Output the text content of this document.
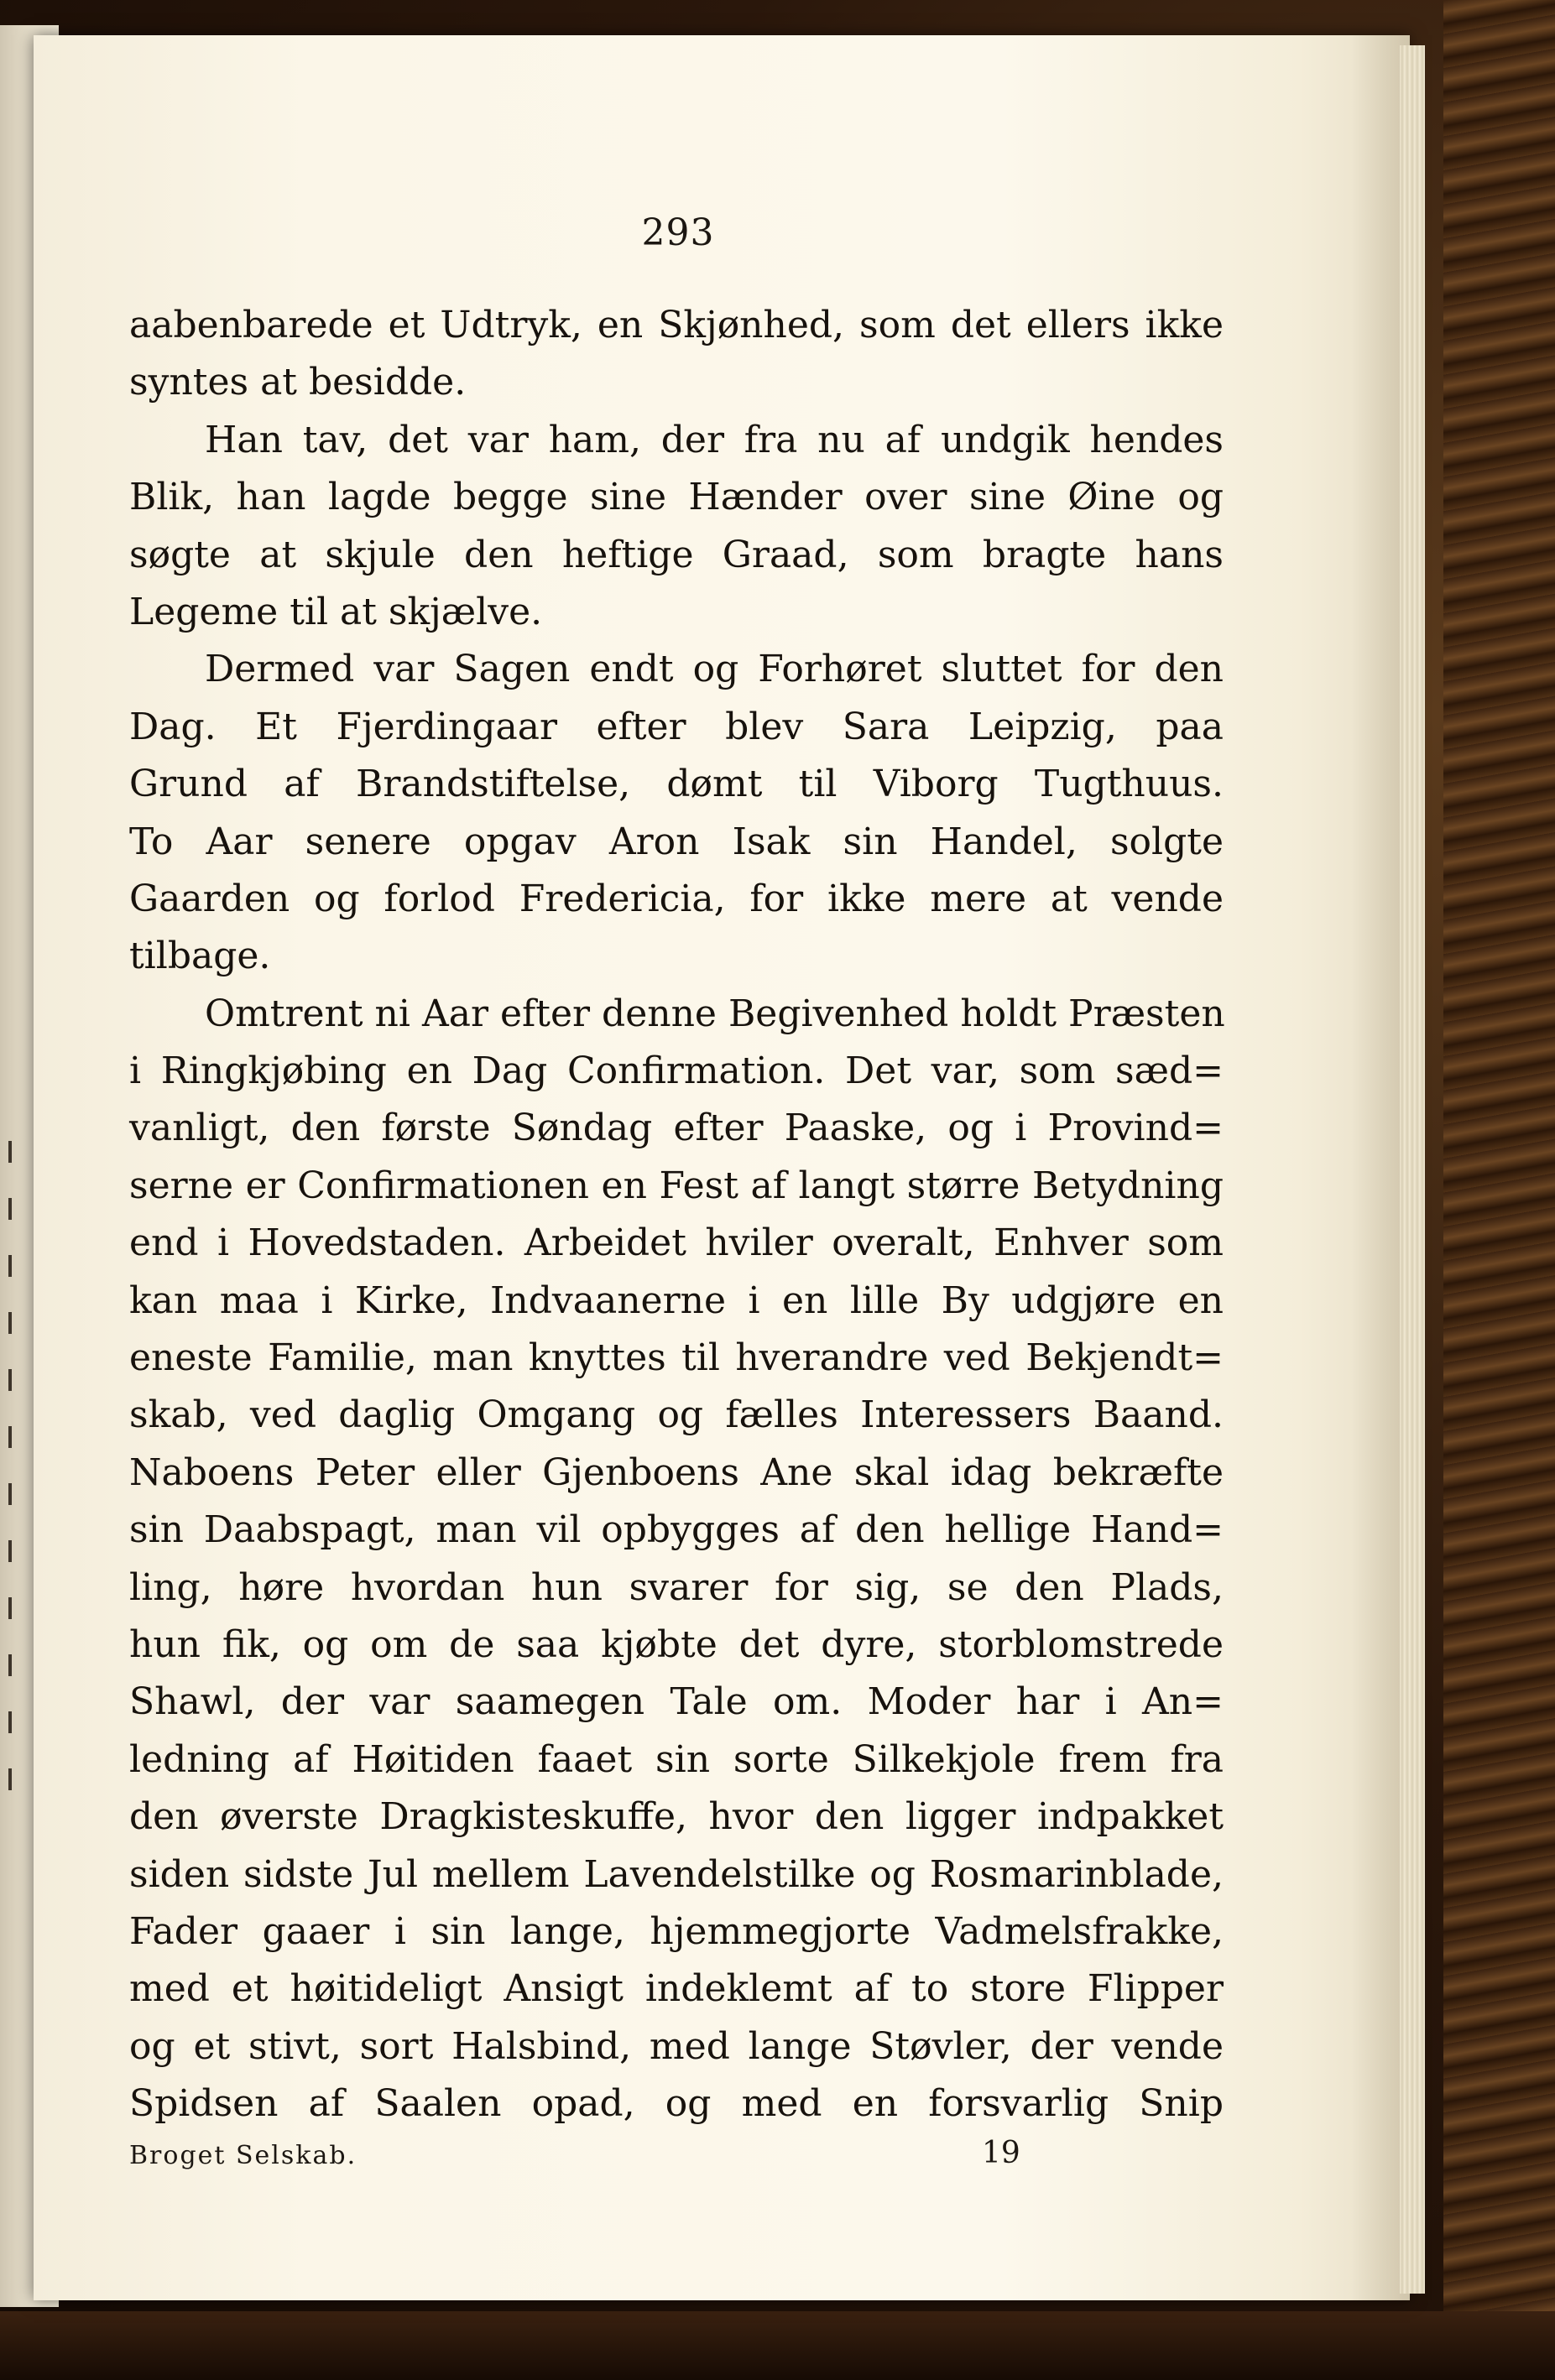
293
aabenbarede et Udtryk, en Skjønhed, som det ellers ikke
syntes at besidde.
Han tav, det var ham, der fra nu af undgik hendes
Blik, han lagde begge sine Hænder over sine Øine og
søgte at skjule den heftige Graad, som bragte hans
Legeme til at skjælve.
Dermed var Sagen endt og Forhøret sluttet for den
Dag. Et Fjerdingaar efter blev Sara Leipzig, paa
Grund af Brandstiftelse, dømt til Viborg Tugthuus.
To Aar senere opgav Aron Isak sin Handel, solgte
Gaarden og forlod Fredericia, for ikke mere at vende
tilbage.
Omtrent ni Aar efter denne Begivenhed holdt Præsten
i Ringkjøbing en Dag Confirmation. Det var, som sæd=
vanligt, den første Søndag efter Paaske, og i Provind=
serne er Confirmationen en Fest af langt større Betydning
end i Hovedstaden. Arbeidet hviler overalt, Enhver som
kan maa i Kirke, Indvaanerne i en lille By udgjøre en
eneste Familie, man knyttes til hverandre ved Bekjendt=
skab, ved daglig Omgang og fælles Interessers Baand.
Naboens Peter eller Gjenboens Ane skal idag bekræfte
sin Daabspagt, man vil opbygges af den hellige Hand=
ling, høre hvordan hun svarer for sig, se den Plads,
hun fik, og om de saa kjøbte det dyre, storblomstrede
Shawl, der var saamegen Tale om. Moder har i An=
ledning af Høitiden faaet sin sorte Silkekjole frem fra
den øverste Dragkisteskuffe, hvor den ligger indpakket
siden sidste Jul mellem Lavendelstilke og Rosmarinblade,
Fader gaaer i sin lange, hjemmegjorte Vadmelsfrakke,
med et høitideligt Ansigt indeklemt af to store Flipper
og et stivt, sort Halsbind, med lange Støvler, der vende
Spidsen af Saalen opad, og med en forsvarlig Snip
Broget Selskab.	19
